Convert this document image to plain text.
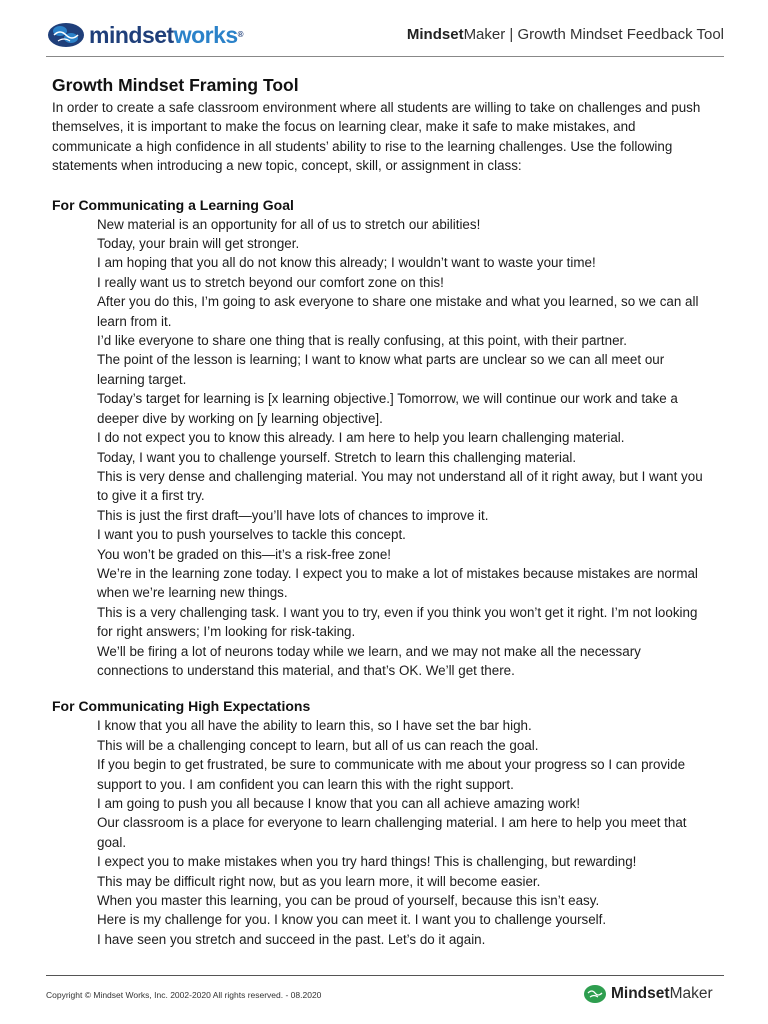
mindsetworks®	MindsetMaker | Growth Mindset Feedback Tool
Growth Mindset Framing Tool

In order to create a safe classroom environment where all students are willing to take on challenges and push themselves, it is important to make the focus on learning clear, make it safe to make mistakes, and communicate a high confidence in all students’ ability to rise to the learning challenges. Use the following statements when introducing a new topic, concept, skill, or assignment in class:

For Communicating a Learning Goal
New material is an opportunity for all of us to stretch our abilities!
Today, your brain will get stronger.
I am hoping that you all do not know this already; I wouldn’t want to waste your time!
I really want us to stretch beyond our comfort zone on this!
After you do this, I’m going to ask everyone to share one mistake and what you learned, so we can all learn from it.
I’d like everyone to share one thing that is really confusing, at this point, with their partner.
The point of the lesson is learning; I want to know what parts are unclear so we can all meet our learning target.
Today’s target for learning is [x learning objective.] Tomorrow, we will continue our work and take a deeper dive by working on [y learning objective].
I do not expect you to know this already. I am here to help you learn challenging material.
Today, I want you to challenge yourself. Stretch to learn this challenging material.
This is very dense and challenging material. You may not understand all of it right away, but I want you to give it a first try.
This is just the first draft—you’ll have lots of chances to improve it.
I want you to push yourselves to tackle this concept.
You won’t be graded on this—it’s a risk-free zone!
We’re in the learning zone today. I expect you to make a lot of mistakes because mistakes are normal when we’re learning new things.
This is a very challenging task. I want you to try, even if you think you won’t get it right. I’m not looking for right answers; I’m looking for risk-taking.
We’ll be firing a lot of neurons today while we learn, and we may not make all the necessary connections to understand this material, and that’s OK. We’ll get there.
For Communicating High Expectations
I know that you all have the ability to learn this, so I have set the bar high.
This will be a challenging concept to learn, but all of us can reach the goal.
If you begin to get frustrated, be sure to communicate with me about your progress so I can provide support to you. I am confident you can learn this with the right support.
I am going to push you all because I know that you can all achieve amazing work!
Our classroom is a place for everyone to learn challenging material. I am here to help you meet that goal.
I expect you to make mistakes when you try hard things! This is challenging, but rewarding!
This may be difficult right now, but as you learn more, it will become easier.
When you master this learning, you can be proud of yourself, because this isn’t easy.
Here is my challenge for you. I know you can meet it. I want you to challenge yourself.
I have seen you stretch and succeed in the past. Let’s do it again.
Copyright © Mindset Works, Inc. 2002-2020 All rights reserved. - 08.2020	MindsetMaker
